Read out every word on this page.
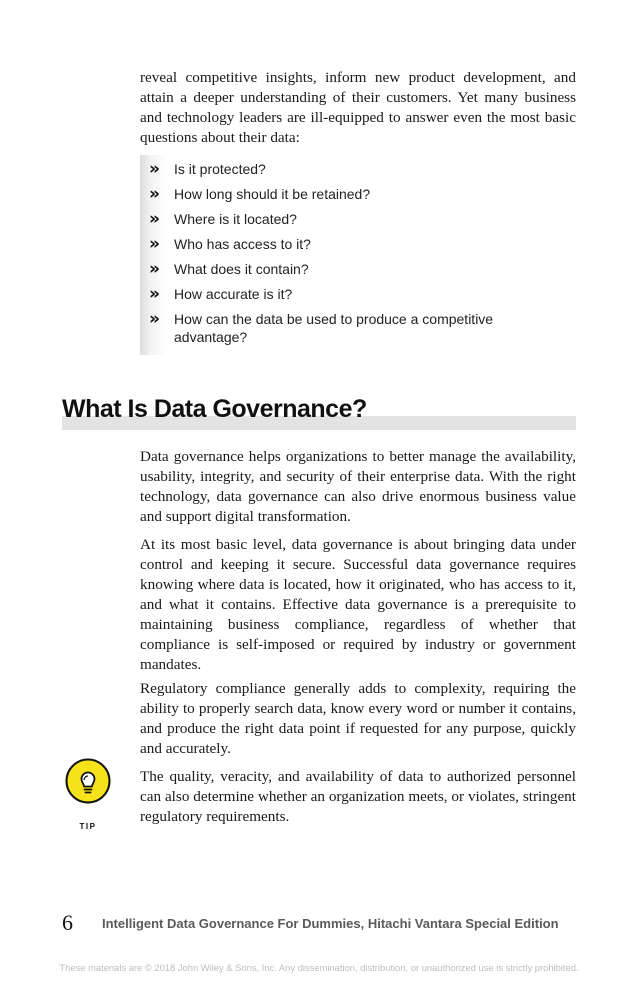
reveal competitive insights, inform new product development, and attain a deeper understanding of their customers. Yet many business and technology leaders are ill-equipped to answer even the most basic questions about their data:

» Is it protected?
» How long should it be retained?
» Where is it located?
» Who has access to it?
» What does it contain?
» How accurate is it?
» How can the data be used to produce a competitive advantage?
What Is Data Governance?

Data governance helps organizations to better manage the availability, usability, integrity, and security of their enterprise data. With the right technology, data governance can also drive enormous business value and support digital transformation.

At its most basic level, data governance is about bringing data under control and keeping it secure. Successful data governance requires knowing where data is located, how it originated, who has access to it, and what it contains. Effective data governance is a prerequisite to maintaining business compliance, regardless of whether that compliance is self-imposed or required by industry or government mandates.

Regulatory compliance generally adds to complexity, requiring the ability to properly search data, know every word or number it contains, and produce the right data point if requested for any purpose, quickly and accurately.

TIP

The quality, veracity, and availability of data to authorized personnel can also determine whether an organization meets, or violates, stringent regulatory requirements.

6 Intelligent Data Governance For Dummies, Hitachi Vantara Special Edition
These materials are © 2018 John Wiley & Sons, Inc. Any dissemination, distribution, or unauthorized use is strictly prohibited.
